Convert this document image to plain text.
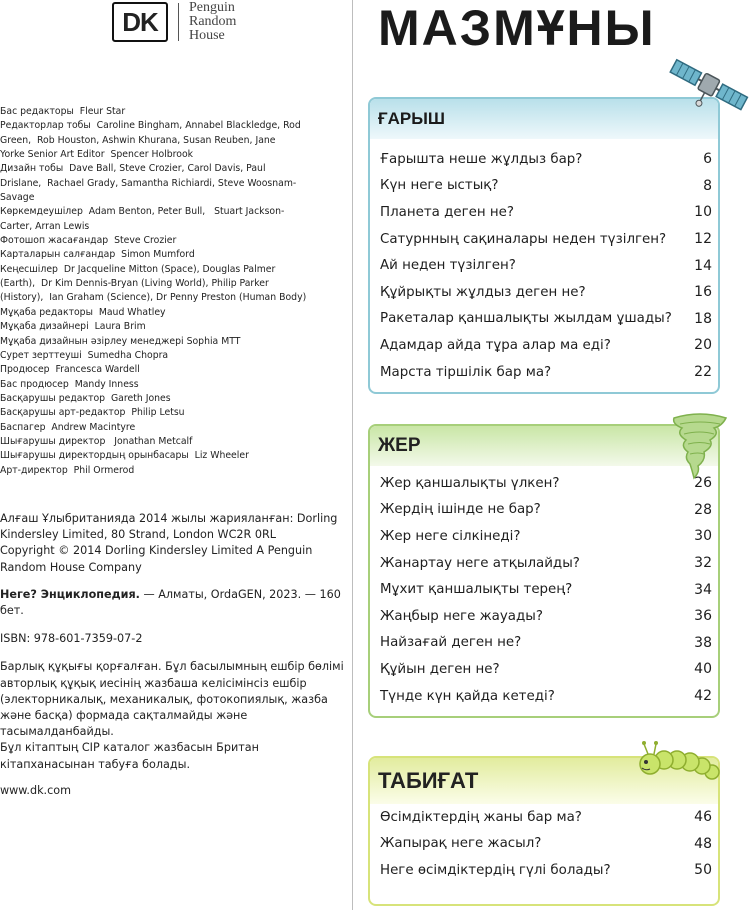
DK	Penguin
Random
House
Бас редакторы  Fleur Star
Редакторлар тобы  Caroline Bingham, Annabel Blackledge, Rod
Green,  Rob Houston, Ashwin Khurana, Susan Reuben, Jane
Yorke Senior Art Editor  Spencer Holbrook
Дизайн тобы  Dave Ball, Steve Crozier, Carol Davis, Paul
Drislane,  Rachael Grady, Samantha Richiardi, Steve Woosnam-
Savage
Көркемдеушілер  Adam Benton, Peter Bull,   Stuart Jackson-
Carter, Arran Lewis
Фотошоп жасағандар  Steve Crozier
Карталарын салғандар  Simon Mumford
Кеңесшілер  Dr Jacqueline Mitton (Space), Douglas Palmer
(Earth),  Dr Kim Dennis-Bryan (Living World), Philip Parker
(History),  Ian Graham (Science), Dr Penny Preston (Human Body)
Мұқаба редакторы  Maud Whatley
Мұқаба дизайнері  Laura Brim
Мұқаба дизайнын әзірлеу менеджері Sophia MTT
Сурет зерттеуші  Sumedha Chopra
Продюсер  Francesca Wardell
Бас продюсер  Mandy Inness
Басқарушы редактор  Gareth Jones
Басқарушы арт-редактор  Philip Letsu
Баспагер  Andrew Macintyre
Шығарушы директор   Jonathan Metcalf
Шығарушы директордың орынбасары  Liz Wheeler
Арт-директор  Phil Ormerod

Алғаш Ұлыбританияда 2014 жылы жарияланған: Dorling Kindersley Limited, 80 Strand, London WC2R 0RL

Copyright © 2014 Dorling Kindersley Limited A Penguin Random House Company

Неге? Энциклопедия. — Алматы, OrdaGEN, 2023. — 160 бет.

ISBN: 978-601-7359-07-2

Барлық құқығы қорғалған. Бұл басылымның ешбір бөлімі авторлық құқық иесінің жазбаша келісімінсіз ешбір (электорникалық, механикалық, фотокопиялық, жазба және басқа) формада сақталмайды және тасымалданбайды.

Бұл кітаптың CIP каталог жазбасын Британ кітапханасынан табуға болады.

www.dk.com

МАЗМҰНЫ
ҒАРЫШ
Ғарышта неше жұлдыз бар?	6
Күн неге ыстық?	8
Планета деген не?	10
Сатурнның сақиналары неден түзілген? 12
Ай неден түзілген?	14
Құйрықты жұлдыз деген не?	16
Ракеталар қаншалықты жылдам ұшады? 18
Адамдар айда тұра алар ма еді?	20
Марста тіршілік бар ма?	22
ЖЕР
Жер қаншалықты үлкен?	26
Жердің ішінде не бар?	28
Жер неге сілкінеді?	30
Жанартау неге атқылайды?	32
Мұхит қаншалықты терең?	34
Жаңбыр неге жауады?	36
Найзағай деген не?	38
Құйын деген не?	40
Түнде күн қайда кетеді?	42
ТАБИҒАТ
Өсімдіктердің жаны бар ма?	46
Жапырақ неге жасыл?	48
Неге өсімдіктердің гүлі болады?	50
